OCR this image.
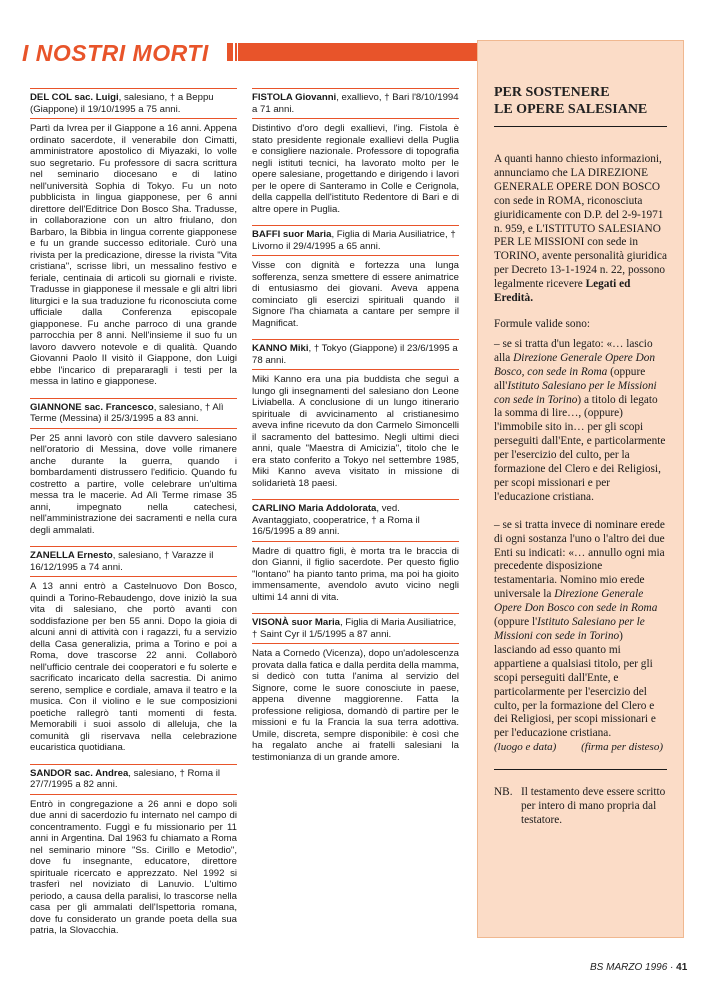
I NOSTRI MORTI
DEL COL sac. Luigi, salesiano, † a Beppu (Giappone) il 19/10/1995 a 75 anni.
Partì da Ivrea per il Giappone a 16 anni. Appena ordinato sacerdote, il venerabile don Cimatti, amministratore apostolico di Miyazaki, lo volle suo segretario. Fu professore di sacra scrittura nel seminario diocesano e di latino nell'università Sophia di Tokyo. Fu un noto pubblicista in lingua giapponese, per 6 anni direttore dell'Editrice Don Bosco Sha. Tradusse, in collaborazione con un altro friulano, don Barbaro, la Bibbia in lingua corrente giapponese e fu un grande successo editoriale. Curò una rivista per la predicazione, diresse la rivista "Vita cristiana", scrisse libri, un messalino festivo e feriale, centinaia di articoli su giornali e riviste. Tradusse in giapponese il messale e gli altri libri liturgici e la sua traduzione fu riconosciuta come ufficiale dalla Conferenza episcopale giapponese. Fu anche parroco di una grande parrocchia per 8 anni. Nell'insieme il suo fu un lavoro davvero notevole e di qualità. Quando Giovanni Paolo II visitò il Giappone, don Luigi ebbe l'incarico di prepararagli i testi per la messa in latino e giapponese.
GIANNONE sac. Francesco, salesiano, † Alì Terme (Messina) il 25/3/1995 a 83 anni.
Per 25 anni lavorò con stile davvero salesiano nell'oratorio di Messina, dove volle rimanere anche durante la guerra, quando i bombardamenti distrussero l'edificio. Quando fu costretto a partire, volle celebrare un'ultima messa tra le macerie. Ad Alì Terme rimase 35 anni, impegnato nella catechesi, nell'amministrazione dei sacramenti e nella cura degli ammalati.
ZANELLA Ernesto, salesiano, † Varazze il 16/12/1995 a 74 anni.
A 13 anni entrò a Castelnuovo Don Bosco, quindi a Torino-Rebaudengo, dove iniziò la sua vita di salesiano, che portò avanti con soddisfazione per ben 55 anni. Dopo la gioia di alcuni anni di attività con i ragazzi, fu a servizio della Casa generalizia, prima a Torino e poi a Roma, dove trascorse 22 anni. Collaborò nell'ufficio centrale dei cooperatori e fu solerte e sacrificato incaricato della sacrestia. Di animo sereno, semplice e cordiale, amava il teatro e la musica. Con il violino e le sue composizioni poetiche rallegrò tanti momenti di festa. Memorabili i suoi assolo di alleluja, che la comunità gli riservava nella celebrazione eucaristica quotidiana.
SANDOR sac. Andrea, salesiano, † Roma il 27/7/1995 a 82 anni.
Entrò in congregazione a 26 anni e dopo soli due anni di sacerdozio fu internato nel campo di concentramento. Fuggì e fu missionario per 11 anni in Argentina. Dal 1963 fu chiamato a Roma nel seminario minore "Ss. Cirillo e Metodio", dove fu insegnante, educatore, direttore spirituale ricercato e apprezzato. Nel 1992 si trasferì nel noviziato di Lanuvio. L'ultimo periodo, a causa della paralisi, lo trascorse nella casa per gli ammalati dell'Ispettoria romana, dove fu considerato un grande poeta della sua patria, la Slovacchia.
FISTOLA Giovanni, exallievo, † Bari l'8/10/1994 a 71 anni.
Distintivo d'oro degli exallievi, l'ing. Fistola è stato presidente regionale exallievi della Puglia e consigliere nazionale. Professore di topografia negli istituti tecnici, ha lavorato molto per le opere salesiane, progettando e dirigendo i lavori per le opere di Santeramo in Colle e Cerignola, della cappella dell'istituto Redentore di Bari e di altre opere in Puglia.
BAFFI suor Maria, Figlia di Maria Ausiliatrice, † Livorno il 29/4/1995 a 65 anni.
Visse con dignità e fortezza una lunga sofferenza, senza smettere di essere animatrice di entusiasmo dei giovani. Aveva appena cominciato gli esercizi spirituali quando il Signore l'ha chiamata a cantare per sempre il Magnificat.
KANNO Miki, † Tokyo (Giappone) il 23/6/1995 a 78 anni.
Miki Kanno era una pia buddista che seguì a lungo gli insegnamenti del salesiano don Leone Liviabella. A conclusione di un lungo itinerario spirituale di avvicinamento al cristianesimo aveva infine ricevuto da don Carmelo Simoncelli il sacramento del battesimo. Negli ultimi dieci anni, quale "Maestra di Amicizia", titolo che le era stato conferito a Tokyo nel settembre 1985, Miki Kanno aveva visitato in missione di solidarietà 18 paesi.
CARLINO Maria Addolorata, ved. Avantaggiato, cooperatrice, † a Roma il 16/5/1995 a 89 anni.
Madre di quattro figli, è morta tra le braccia di don Gianni, il figlio sacerdote. Per questo figlio "lontano" ha pianto tanto prima, ma poi ha gioito immensamente, avendolo avuto vicino negli ultimi 14 anni di vita.
VISONÀ suor Maria, Figlia di Maria Ausiliatrice, † Saint Cyr il 1/5/1995 a 87 anni.
Nata a Cornedo (Vicenza), dopo un'adolescenza provata dalla fatica e dalla perdita della mamma, si dedicò con tutta l'anima al servizio del Signore, come le suore conosciute in paese, appena divenne maggiorenne. Fatta la professione religiosa, domandò di partire per le missioni e fu la Francia la sua terra adottiva. Umile, discreta, sempre disponibile: è così che ha regalato anche ai fratelli salesiani la testimonianza di un grande amore.
PER SOSTENERE
LE OPERE SALESIANE
A quanti hanno chiesto informazioni, annunciamo che LA DIREZIONE GENERALE OPERE DON BOSCO con sede in ROMA, riconosciuta giuridicamente con D.P. del 2-9-1971 n. 959, e L'ISTITUTO SALESIANO PER LE MISSIONI con sede in TORINO, avente personalità giuridica per Decreto 13-1-1924 n. 22, possono legalmente ricevere Legati ed Eredità.
Formule valide sono:
– se si tratta d'un legato: «… lascio alla Direzione Generale Opere Don Bosco, con sede in Roma (oppure all'Istituto Salesiano per le Missioni con sede in Torino) a titolo di legato la somma di lire…, (oppure) l'immobile sito in… per gli scopi perseguiti dall'Ente, e particolarmente per l'esercizio del culto, per la formazione del Clero e dei Religiosi, per scopi missionari e per l'educazione cristiana.
– se si tratta invece di nominare erede di ogni sostanza l'uno o l'altro dei due Enti su indicati: «… annullo ogni mia precedente disposizione testamentaria. Nomino mio erede universale la Direzione Generale Opere Don Bosco con sede in Roma (oppure l'Istituto Salesiano per le Missioni con sede in Torino) lasciando ad esso quanto mi appartiene a qualsiasi titolo, per gli scopi perseguiti dall'Ente, e particolarmente per l'esercizio del culto, per la formazione del Clero e dei Religiosi, per scopi missionari e per l'educazione cristiana.
(luogo e data) (firma per disteso)
NB. Il testamento deve essere scritto per intero di mano propria dal testatore.
BS MARZO 1996 · 41
